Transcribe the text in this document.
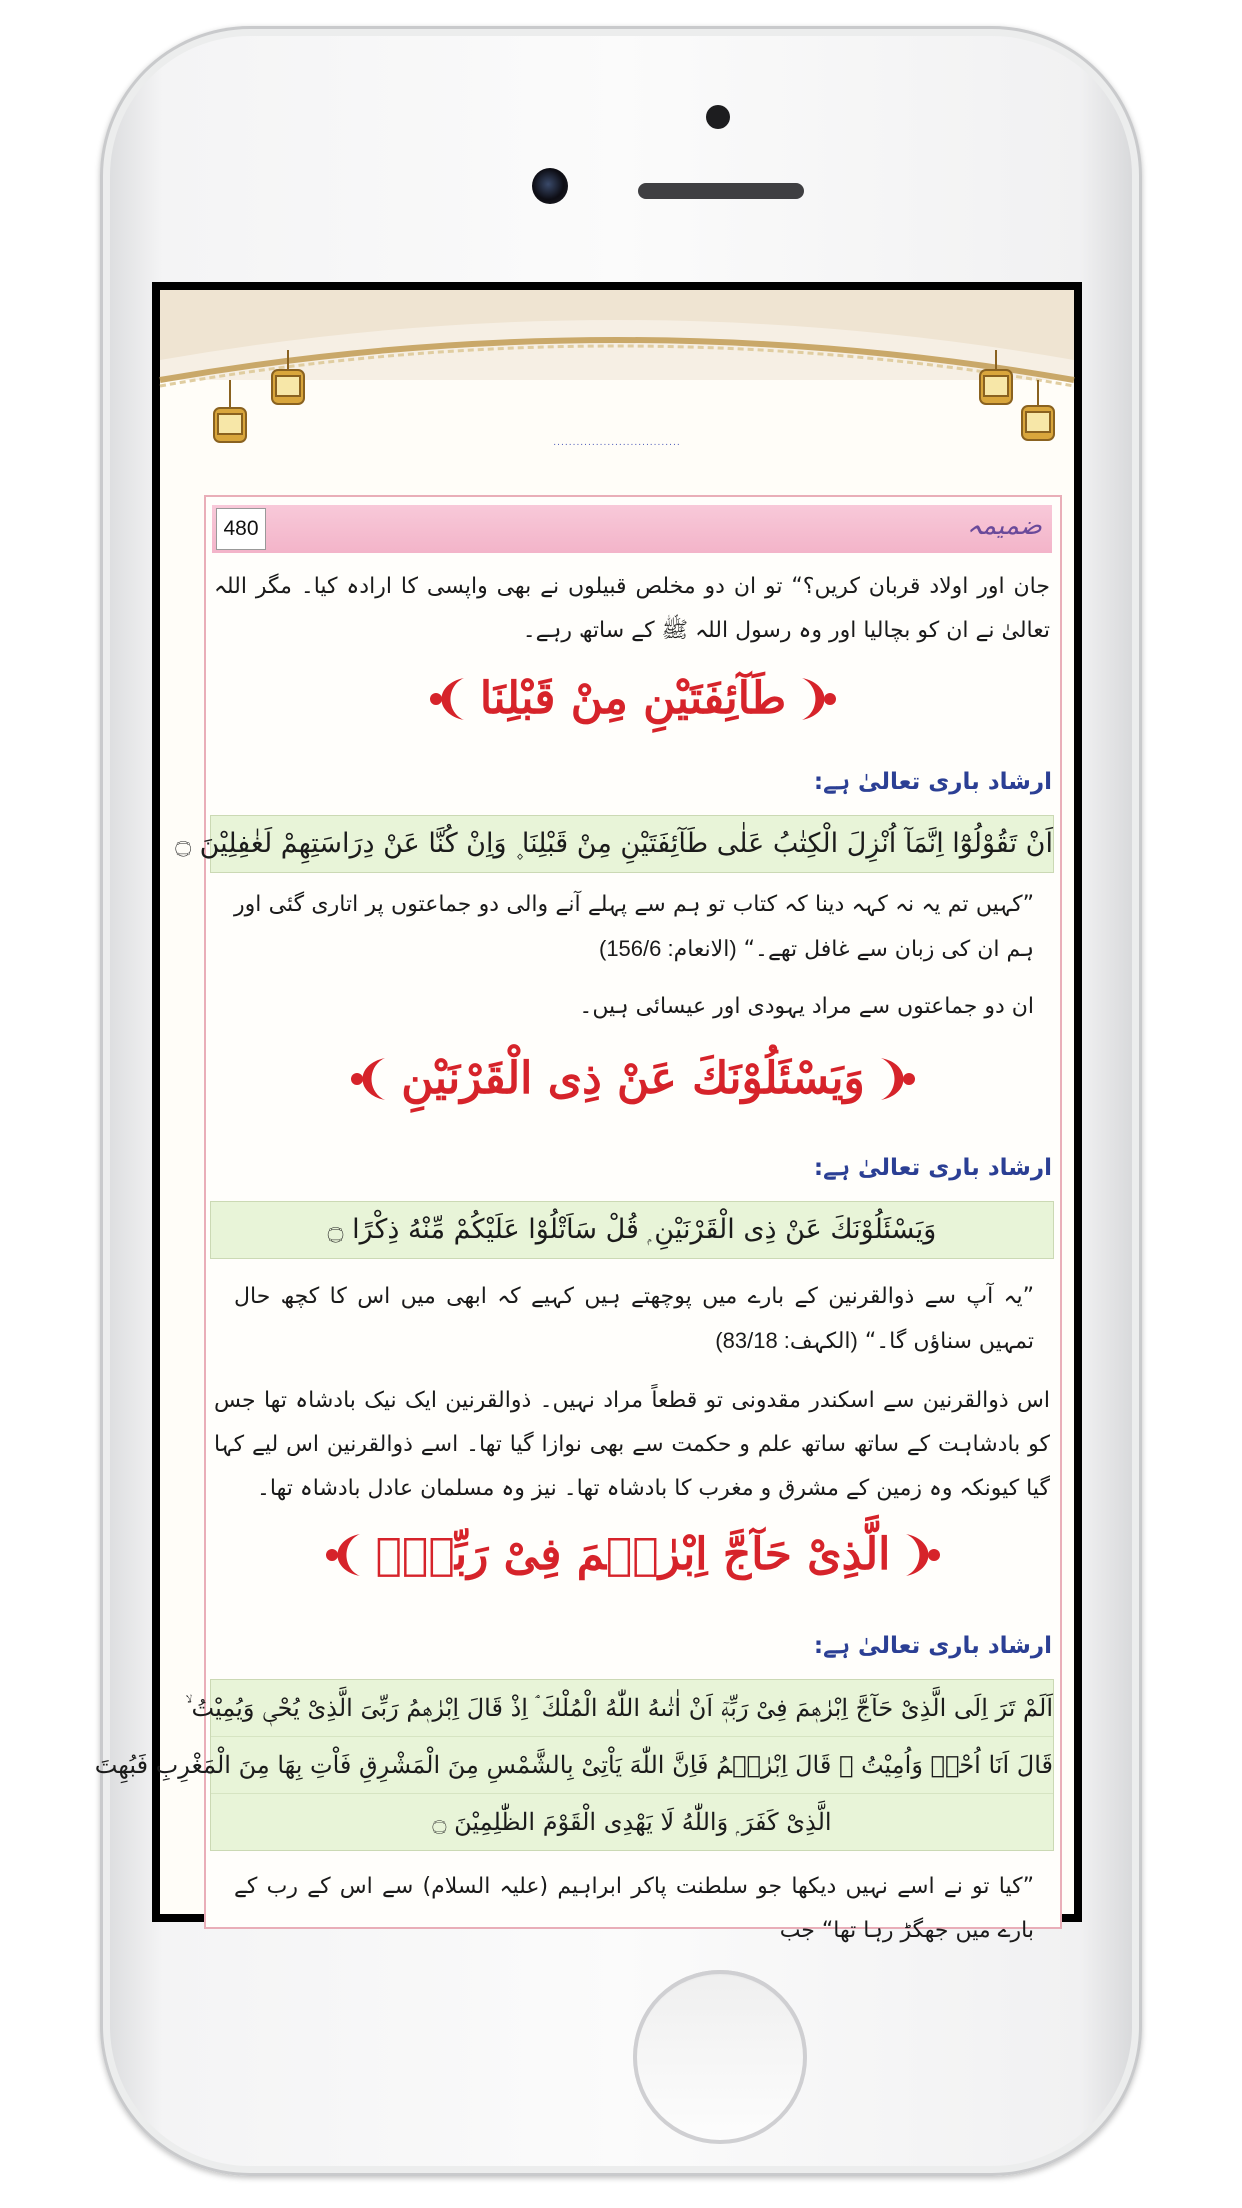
.................................
480	ضمیمہ
جان اور اولاد قربان کریں؟“ تو ان دو مخلص قبیلوں نے بھی واپسی کا ارادہ کیا۔ مگر اللہ تعالیٰ نے ان کو بچالیا اور وہ رسول اللہ ﷺ کے ساتھ رہے۔
طَآئِفَتَيْنِ مِنْ قَبْلِنَا
ارشاد باری تعالیٰ ہے:
اَنْ تَقُوْلُوْٓا اِنَّمَآ اُنْزِلَ الْكِتٰبُ عَلٰى طَآئِفَتَيْنِ مِنْ قَبْلِنَا ۪ وَاِنْ كُنَّا عَنْ دِرَاسَتِهِمْ لَغٰفِلِيْنَ ۝
”کہیں تم یہ نہ کہہ دینا کہ کتاب تو ہم سے پہلے آنے والی دو جماعتوں پر اتاری گئی اور ہم ان کی زبان سے غافل تھے۔“ (الانعام: 156/6)
ان دو جماعتوں سے مراد یہودی اور عیسائی ہیں۔
وَيَسْئَلُوْنَكَ عَنْ ذِى الْقَرْنَيْنِ
ارشاد باری تعالیٰ ہے:
وَيَسْئَلُوْنَكَ عَنْ ذِى الْقَرْنَيْنِ ۭ قُلْ سَاَتْلُوْا عَلَيْكُمْ مِّنْهُ ذِكْرًا ۝
”یہ آپ سے ذوالقرنین کے بارے میں پوچھتے ہیں کہیے کہ ابھی میں اس کا کچھ حال تمہیں سناؤں گا۔“ (الکہف: 83/18)
اس ذوالقرنین سے اسکندر مقدونی تو قطعاً مراد نہیں۔ ذوالقرنین ایک نیک بادشاہ تھا جس کو بادشاہت کے ساتھ ساتھ علم و حکمت سے بھی نوازا گیا تھا۔ اسے ذوالقرنین اس لیے کہا گیا کیونکہ وہ زمین کے مشرق و مغرب کا بادشاہ تھا۔ نیز وہ مسلمان عادل بادشاہ تھا۔
الَّذِىْ حَآجَّ اِبْرٰهٖمَ فِىْ رَبِّهٖٓ
ارشاد باری تعالیٰ ہے:
اَلَمْ تَرَ اِلَى الَّذِىْ حَآجَّ اِبْرٰهٖمَ فِىْ رَبِّهٖٓ اَنْ اٰتٰىهُ اللّٰهُ الْمُلْكَ ۘ اِذْ قَالَ اِبْرٰهٖمُ رَبِّىَ الَّذِىْ يُحْىٖ وَيُمِيْتُ ۙ
قَالَ اَنَا اُحْىٖ وَاُمِيْتُ ۭ قَالَ اِبْرٰهٖمُ فَاِنَّ اللّٰهَ يَاْتِىْ بِالشَّمْسِ مِنَ الْمَشْرِقِ فَاْتِ بِهَا مِنَ الْمَغْرِبِ فَبُهِتَ
الَّذِىْ كَفَرَ ۭ وَاللّٰهُ لَا يَهْدِى الْقَوْمَ الظّٰلِمِيْنَ ۝
”کیا تو نے اسے نہیں دیکھا جو سلطنت پاکر ابراہیم (علیہ السلام) سے اس کے رب کے بارے میں جھگڑ رہا تھا“ جب
